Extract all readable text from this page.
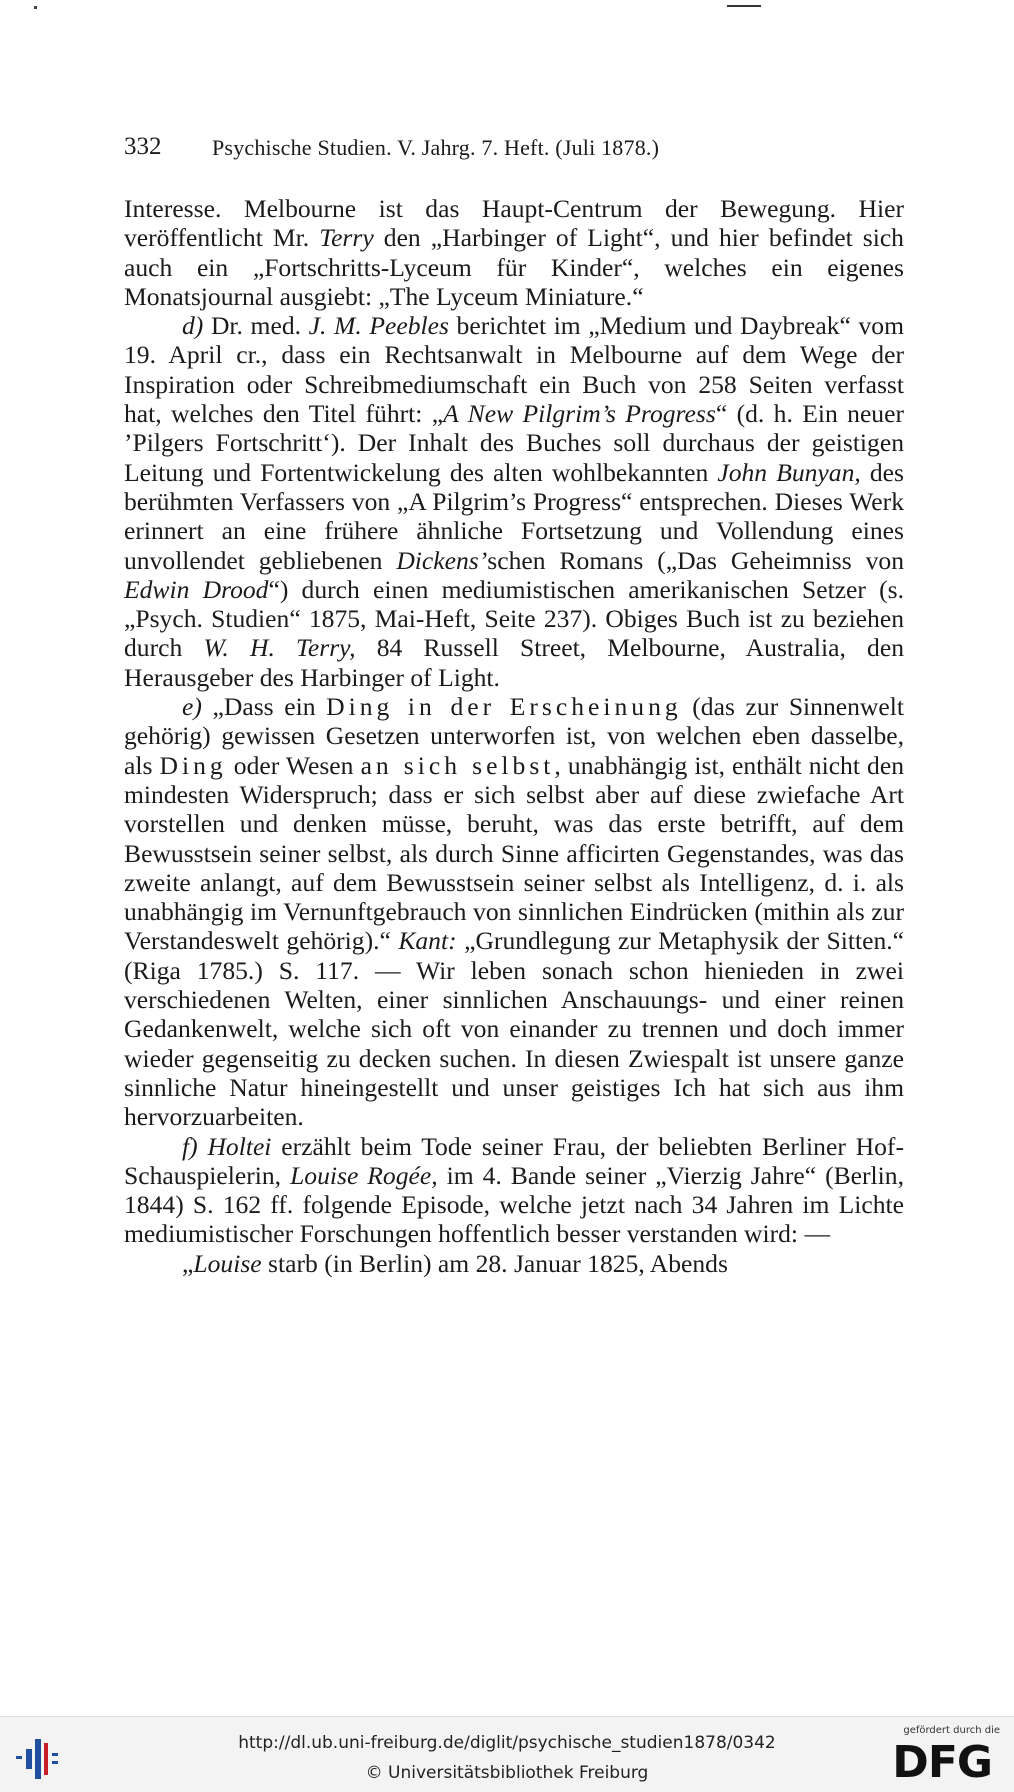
332 Psychische Studien. V. Jahrg. 7. Heft. (Juli 1878.)

Interesse. Melbourne ist das Haupt-Centrum der Bewegung. Hier veröffentlicht Mr. Terry den „Harbinger of Light“, und hier befindet sich auch ein „Fortschritts-Lyceum für Kinder“, welches ein eigenes Monatsjournal ausgiebt: „The Lyceum Miniature.“

d) Dr. med. J. M. Peebles berichtet im „Medium und Daybreak“ vom 19. April cr., dass ein Rechtsanwalt in Melbourne auf dem Wege der Inspiration oder Schreibmediumschaft ein Buch von 258 Seiten verfasst hat, welches den Titel führt: „A New Pilgrim’s Progress“ (d. h. Ein neuer ’Pilgers Fortschritt‘). Der Inhalt des Buches soll durchaus der geistigen Leitung und Fortentwickelung des alten wohlbekannten John Bunyan, des berühmten Verfassers von „A Pilgrim’s Progress“ entsprechen. Dieses Werk erinnert an eine frühere ähnliche Fortsetzung und Vollendung eines unvollendet gebliebenen Dickens’schen Romans („Das Geheimniss von Edwin Drood“) durch einen mediumistischen amerikanischen Setzer (s. „Psych. Studien“ 1875, Mai-Heft, Seite 237). Obiges Buch ist zu beziehen durch W. H. Terry, 84 Russell Street, Melbourne, Australia, den Herausgeber des Harbinger of Light.

e) „Dass ein Ding in der Erscheinung (das zur Sinnenwelt gehörig) gewissen Gesetzen unterworfen ist, von welchen eben dasselbe, als Ding oder Wesen an sich selbst, unabhängig ist, enthält nicht den mindesten Widerspruch; dass er sich selbst aber auf diese zwiefache Art vorstellen und denken müsse, beruht, was das erste betrifft, auf dem Bewusstsein seiner selbst, als durch Sinne afficirten Gegenstandes, was das zweite anlangt, auf dem Bewusstsein seiner selbst als Intelligenz, d. i. als unabhängig im Vernunftgebrauch von sinnlichen Eindrücken (mithin als zur Verstandeswelt gehörig).“ Kant: „Grundlegung zur Metaphysik der Sitten.“ (Riga 1785.) S. 117. — Wir leben sonach schon hienieden in zwei verschiedenen Welten, einer sinnlichen Anschauungs- und einer reinen Gedankenwelt, welche sich oft von einander zu trennen und doch immer wieder gegenseitig zu decken suchen. In diesen Zwiespalt ist unsere ganze sinnliche Natur hineingestellt und unser geistiges Ich hat sich aus ihm hervorzuarbeiten.

f) Holtei erzählt beim Tode seiner Frau, der beliebten Berliner Hof-Schauspielerin, Louise Rogée, im 4. Bande seiner „Vierzig Jahre“ (Berlin, 1844) S. 162 ff. folgende Episode, welche jetzt nach 34 Jahren im Lichte mediumistischer Forschungen hoffentlich besser verstanden wird: —

„Louise starb (in Berlin) am 28. Januar 1825, Abends

http://dl.ub.uni-freiburg.de/diglit/psychische_studien1878/0342
© Universitätsbibliothek Freiburg
gefördert durch die
DFG
